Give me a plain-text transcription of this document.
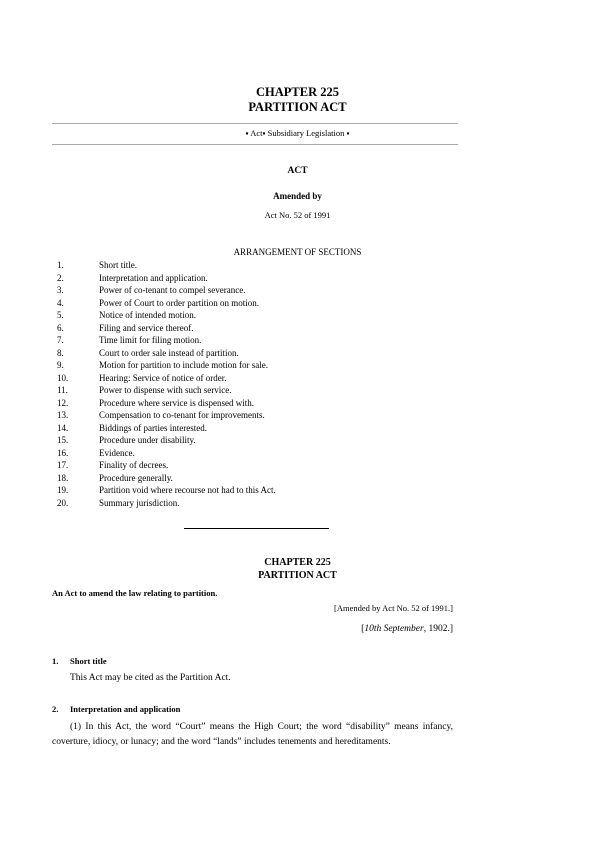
CHAPTER 225
PARTITION ACT
▪ Act▪ Subsidiary Legislation ▪
ACT
Amended by
Act No. 52 of 1991
ARRANGEMENT OF SECTIONS
1.	Short title.
2.	Interpretation and application.
3.	Power of co-tenant to compel severance.
4.	Power of Court to order partition on motion.
5.	Notice of intended motion.
6.	Filing and service thereof.
7.	Time limit for filing motion.
8.	Court to order sale instead of partition.
9.	Motion for partition to include motion for sale.
10.	Hearing: Service of notice of order.
11.	Power to dispense with such service.
12.	Procedure where service is dispensed with.
13.	Compensation to co-tenant for improvements.
14.	Biddings of parties interested.
15.	Procedure under disability.
16.	Evidence.
17.	Finality of decrees.
18.	Procedure generally.
19.	Partition void where recourse not had to this Act.
20.	Summary jurisdiction.
CHAPTER 225
PARTITION ACT
An Act to amend the law relating to partition.
[Amended by Act No. 52 of 1991.]
[10th September, 1902.]
1. Short title
This Act may be cited as the Partition Act.
2. Interpretation and application
(1) In this Act, the word “Court” means the High Court; the word “disability” means infancy, coverture, idiocy, or lunacy; and the word “lands” includes tenements and hereditaments.
